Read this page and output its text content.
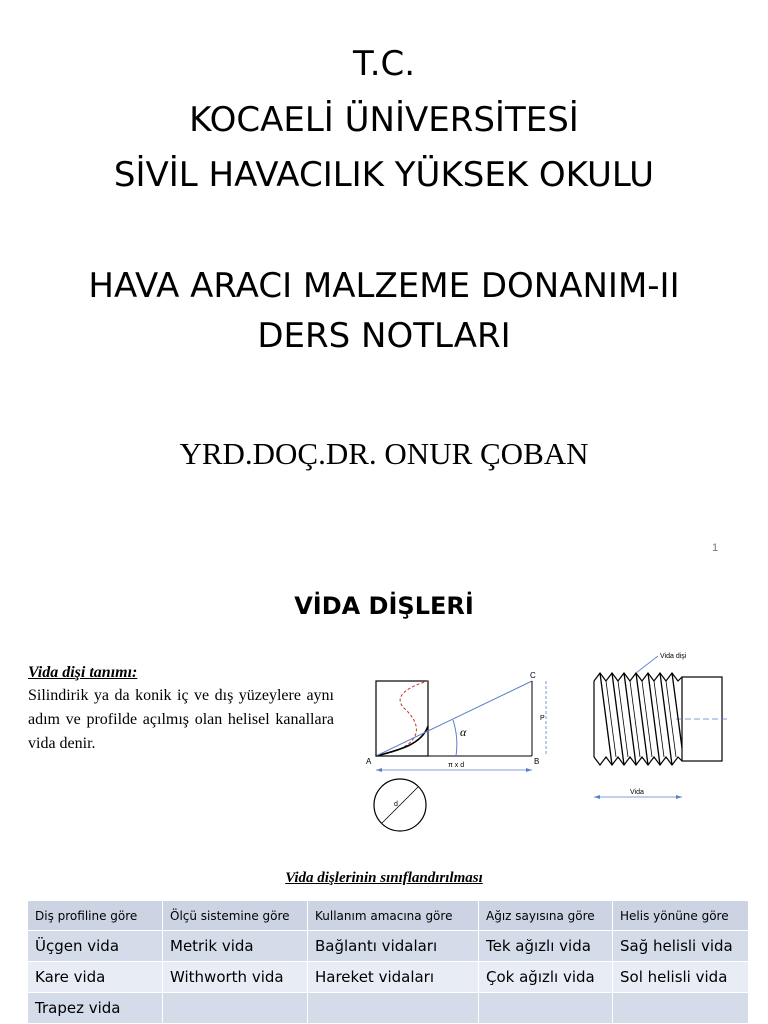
T.C.
KOCAELİ ÜNİVERSİTESİ
SİVİL HAVACILIK YÜKSEK OKULU
HAVA ARACI MALZEME DONANIM-II
DERS NOTLARI
YRD.DOÇ.DR. ONUR ÇOBAN
1
VİDA DİŞLERİ
Vida dişi tanımı:
Silindirik ya da konik iç ve dış yüzeylere aynı adım ve profilde açılmış olan helisel kanallara vida denir.
α
A	B
C
π x d
P
d
Vida dişi
Vida
Vida dişlerinin sınıflandırılması
Diş profiline göre	Ölçü sistemine göre	Kullanım amacına göre	Ağız sayısına göre	Helis yönüne göre
Üçgen vida	Metrik vida	Bağlantı vidaları	Tek ağızlı vida	Sağ helisli vida
Kare vida	Withworth vida	Hareket vidaları	Çok ağızlı vida	Sol helisli vida
Trapez vida				
